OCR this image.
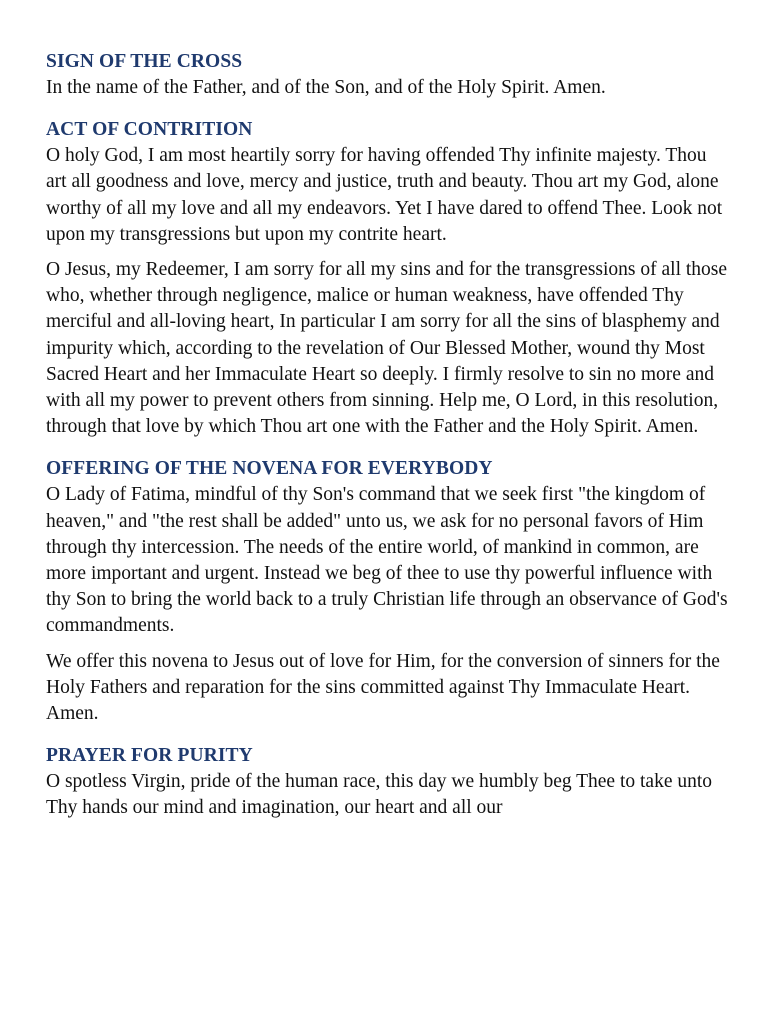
SIGN OF THE CROSS

In the name of the Father, and of the Son, and of the Holy Spirit. Amen.

ACT OF CONTRITION

O holy God, I am most heartily sorry for having offended Thy infinite majesty. Thou art all goodness and love, mercy and justice, truth and beauty. Thou art my God, alone worthy of all my love and all my endeavors. Yet I have dared to offend Thee. Look not upon my transgressions but upon my contrite heart.

O Jesus, my Redeemer, I am sorry for all my sins and for the transgressions of all those who, whether through negligence, malice or human weakness, have offended Thy merciful and all-loving heart, In particular I am sorry for all the sins of blasphemy and impurity which, according to the revelation of Our Blessed Mother, wound thy Most Sacred Heart and her Immaculate Heart so deeply. I firmly resolve to sin no more and with all my power to prevent others from sinning. Help me, O Lord, in this resolution, through that love by which Thou art one with the Father and the Holy Spirit. Amen.

OFFERING OF THE NOVENA FOR EVERYBODY

O Lady of Fatima, mindful of thy Son's command that we seek first "the kingdom of heaven," and "the rest shall be added" unto us, we ask for no personal favors of Him through thy intercession. The needs of the entire world, of mankind in common, are more important and urgent. Instead we beg of thee to use thy powerful influence with thy Son to bring the world back to a truly Christian life through an observance of God's commandments.

We offer this novena to Jesus out of love for Him, for the conversion of sinners for the Holy Fathers and reparation for the sins committed against Thy Immaculate Heart. Amen.

PRAYER FOR PURITY

O spotless Virgin, pride of the human race, this day we humbly beg Thee to take unto Thy hands our mind and imagination, our heart and all our
